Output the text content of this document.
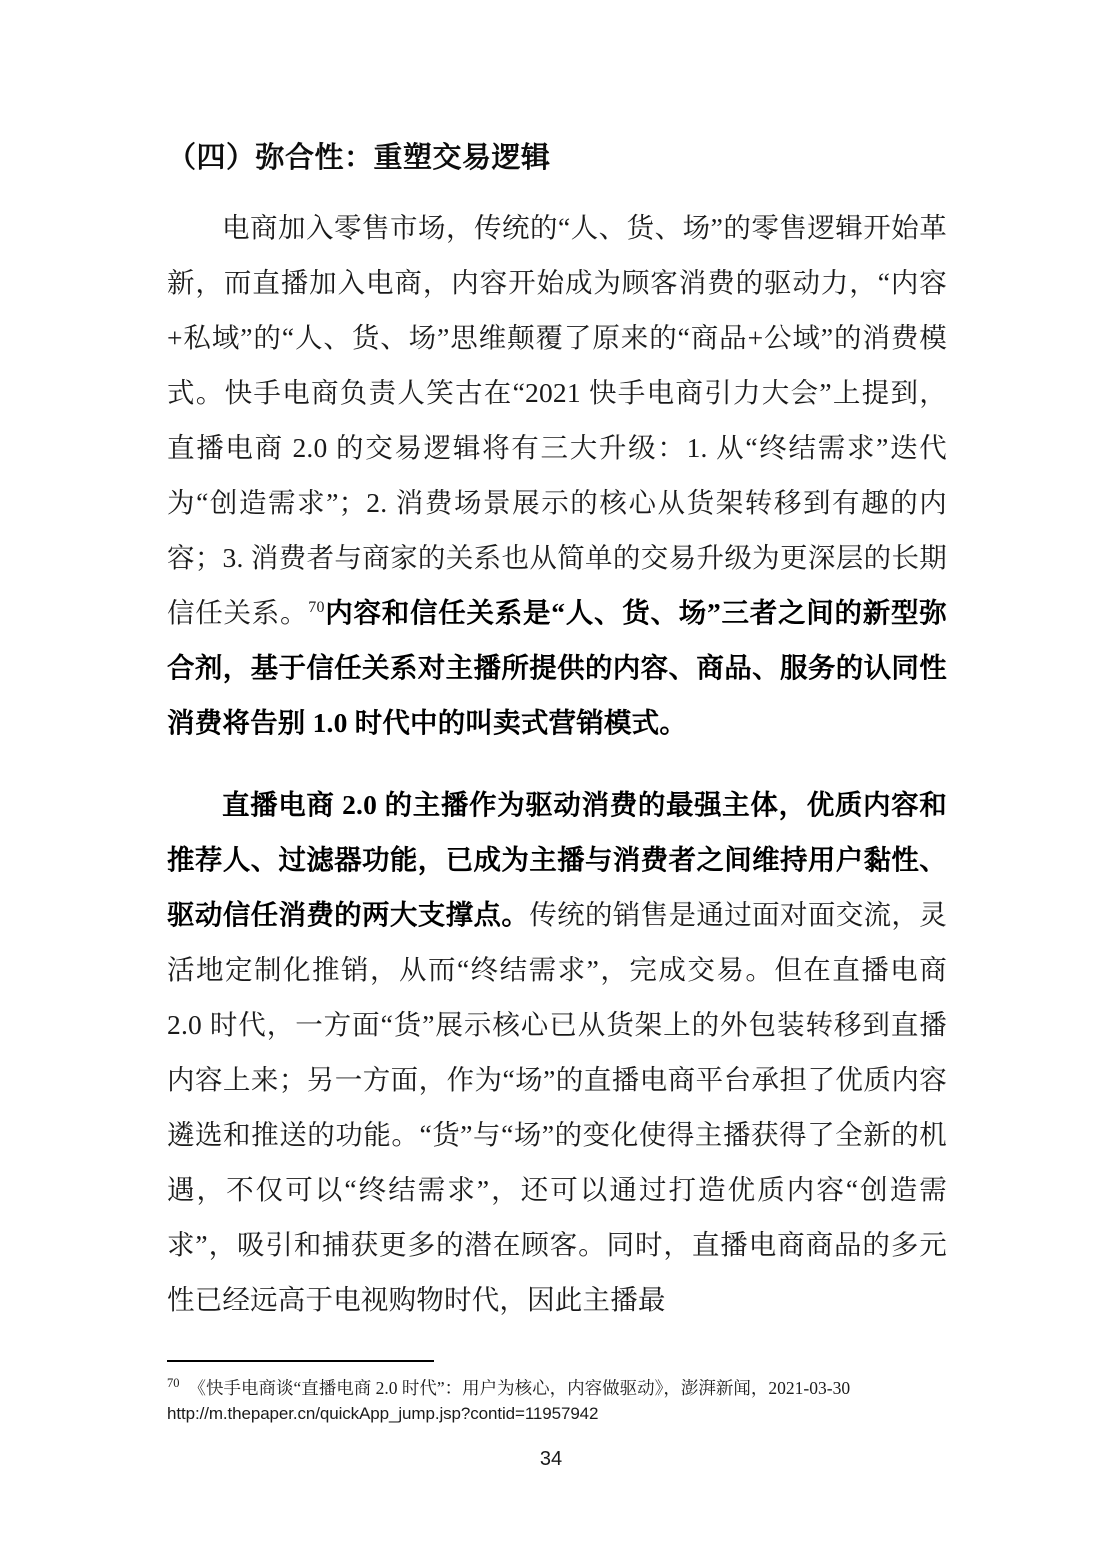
（四）弥合性：重塑交易逻辑

电商加入零售市场，传统的“人、货、场”的零售逻辑开始革新，而直播加入电商，内容开始成为顾客消费的驱动力，“内容+私域”的“人、货、场”思维颠覆了原来的“商品+公域”的消费模式。快手电商负责人笑古在“2021 快手电商引力大会”上提到，直播电商 2.0 的交易逻辑将有三大升级：1. 从“终结需求”迭代为“创造需求”；2. 消费场景展示的核心从货架转移到有趣的内容；3. 消费者与商家的关系也从简单的交易升级为更深层的长期信任关系。$^{70}$内容和信任关系是“人、货、场”三者之间的新型弥合剂，基于信任关系对主播所提供的内容、商品、服务的认同性消费将告别 1.0 时代中的叫卖式营销模式。

直播电商 2.0 的主播作为驱动消费的最强主体，优质内容和推荐人、过滤器功能，已成为主播与消费者之间维持用户黏性、驱动信任消费的两大支撑点。传统的销售是通过面对面交流，灵活地定制化推销，从而“终结需求”，完成交易。但在直播电商 2.0 时代，一方面“货”展示核心已从货架上的外包装转移到直播内容上来；另一方面，作为“场”的直播电商平台承担了优质内容遴选和推送的功能。“货”与“场”的变化使得主播获得了全新的机遇，不仅可以“终结需求”，还可以通过打造优质内容“创造需求”，吸引和捕获更多的潜在顾客。同时，直播电商商品的多元性已经远高于电视购物时代，因此主播最

$^{70}$ 《快手电商谈“直播电商 2.0 时代”：用户为核心，内容做驱动》，澎湃新闻，2021-03-30
http://m.thepaper.cn/quickApp_jump.jsp?contid=11957942

34
